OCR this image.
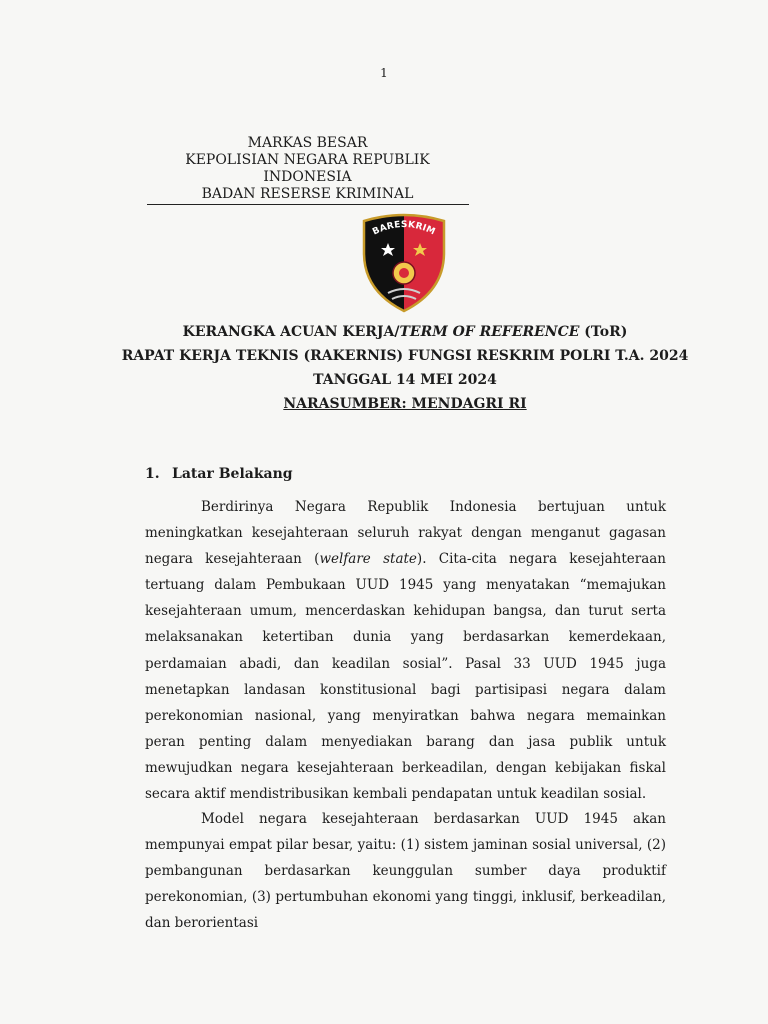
1
MARKAS BESAR
KEPOLISIAN NEGARA REPUBLIK INDONESIA
BADAN RESERSE KRIMINAL
BARESKRIM
KERANGKA ACUAN KERJA/TERM OF REFERENCE (ToR)
RAPAT KERJA TEKNIS (RAKERNIS) FUNGSI RESKRIM POLRI T.A. 2024
TANGGAL 14 MEI 2024
NARASUMBER: MENDAGRI RI
1. Latar Belakang

Berdirinya Negara Republik Indonesia bertujuan untuk meningkatkan kesejahteraan seluruh rakyat dengan menganut gagasan negara kesejahteraan (welfare state). Cita-cita negara kesejahteraan tertuang dalam Pembukaan UUD 1945 yang menyatakan “memajukan kesejahteraan umum, mencerdaskan kehidupan bangsa, dan turut serta melaksanakan ketertiban dunia yang berdasarkan kemerdekaan, perdamaian abadi, dan keadilan sosial”. Pasal 33 UUD 1945 juga menetapkan landasan konstitusional bagi partisipasi negara dalam perekonomian nasional, yang menyiratkan bahwa negara memainkan peran penting dalam menyediakan barang dan jasa publik untuk mewujudkan negara kesejahteraan berkeadilan, dengan kebijakan fiskal secara aktif mendistribusikan kembali pendapatan untuk keadilan sosial.

Model negara kesejahteraan berdasarkan UUD 1945 akan mempunyai empat pilar besar, yaitu: (1) sistem jaminan sosial universal, (2) pembangunan berdasarkan keunggulan sumber daya produktif perekonomian, (3) pertumbuhan ekonomi yang tinggi, inklusif, berkeadilan, dan berorientasi
